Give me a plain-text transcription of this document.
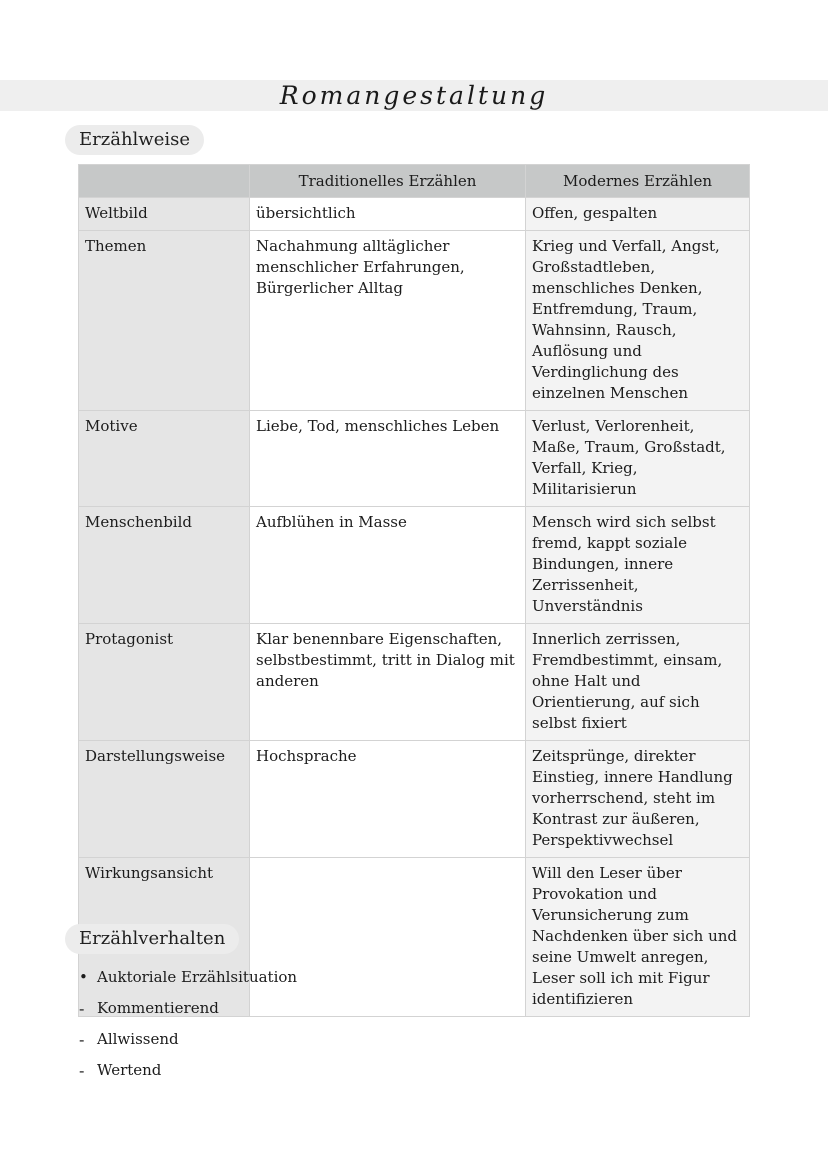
Romangestaltung
Erzählweise
	Traditionelles Erzählen	Modernes Erzählen
Weltbild	übersichtlich	Offen, gespalten
Themen	Nachahmung alltäglicher menschlicher Erfahrungen, Bürgerlicher Alltag	Krieg und Verfall, Angst, Großstadtleben, menschliches Denken, Entfremdung, Traum, Wahnsinn, Rausch, Auflösung und Verdinglichung des einzelnen Menschen
Motive	Liebe, Tod, menschliches Leben	Verlust, Verlorenheit, Maße, Traum, Großstadt, Verfall, Krieg, Militarisierun
Menschenbild	Aufblühen in Masse	Mensch wird sich selbst fremd, kappt soziale Bindungen, innere Zerrissenheit, Unverständnis
Protagonist	Klar benennbare Eigenschaften, selbstbestimmt, tritt in Dialog mit anderen	Innerlich zerrissen, Fremdbestimmt, einsam, ohne Halt und Orientierung, auf sich selbst fixiert
Darstellungsweise	Hochsprache	Zeitsprünge, direkter Einstieg, innere Handlung vorherrschend, steht im Kontrast zur äußeren, Perspektivwechsel
Wirkungsansicht		Will den Leser über Provokation und Verunsicherung zum Nachdenken über sich und seine Umwelt anregen, Leser soll ich mit Figur identifizieren
Erzählverhalten
• Auktoriale Erzählsituation
- Kommentierend
- Allwissend
- Wertend
